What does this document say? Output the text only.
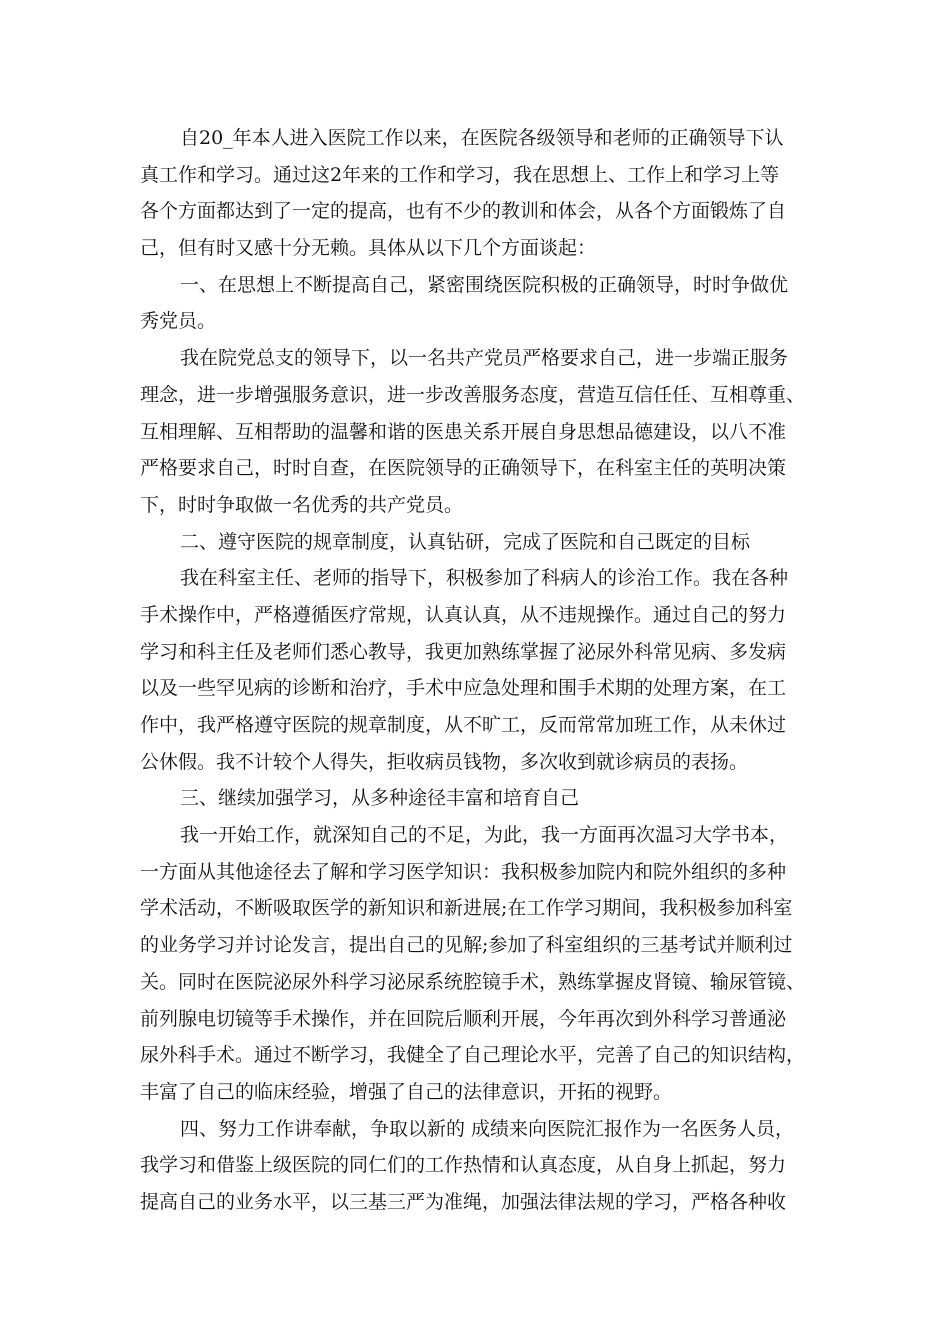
自20_年本人进入医院工作以来，在医院各级领导和老师的正确领导下认
真工作和学习。通过这2年来的工作和学习，我在思想上、工作上和学习上等
各个方面都达到了一定的提高，也有不少的教训和体会，从各个方面锻炼了自
己，但有时又感十分无赖。具体从以下几个方面谈起：
一、在思想上不断提高自己，紧密围绕医院积极的正确领导，时时争做优
秀党员。
我在院党总支的领导下，以一名共产党员严格要求自己，进一步端正服务
理念，进一步增强服务意识，进一步改善服务态度，营造互信任任、互相尊重、
互相理解、互相帮助的温馨和谐的医患关系开展自身思想品德建设，以八不准
严格要求自己，时时自查，在医院领导的正确领导下，在科室主任的英明决策
下，时时争取做一名优秀的共产党员。
二、遵守医院的规章制度，认真钻研，完成了医院和自己既定的目标
我在科室主任、老师的指导下，积极参加了科病人的诊治工作。我在各种
手术操作中，严格遵循医疗常规，认真认真，从不违规操作。通过自己的努力
学习和科主任及老师们悉心教导，我更加熟练掌握了泌尿外科常见病、多发病
以及一些罕见病的诊断和治疗，手术中应急处理和围手术期的处理方案，在工
作中，我严格遵守医院的规章制度，从不旷工，反而常常加班工作，从未休过
公休假。我不计较个人得失，拒收病员钱物，多次收到就诊病员的表扬。
三、继续加强学习，从多种途径丰富和培育自己
我一开始工作，就深知自己的不足，为此，我一方面再次温习大学书本，
一方面从其他途径去了解和学习医学知识：我积极参加院内和院外组织的多种
学术活动，不断吸取医学的新知识和新进展;在工作学习期间，我积极参加科室
的业务学习并讨论发言，提出自己的见解;参加了科室组织的三基考试并顺利过
关。同时在医院泌尿外科学习泌尿系统腔镜手术，熟练掌握皮肾镜、输尿管镜、
前列腺电切镜等手术操作，并在回院后顺利开展，今年再次到外科学习普通泌
尿外科手术。通过不断学习，我健全了自己理论水平，完善了自己的知识结构，
丰富了自己的临床经验，增强了自己的法律意识，开拓的视野。
四、努力工作讲奉献，争取以新的 成绩来向医院汇报作为一名医务人员，
我学习和借鉴上级医院的同仁们的工作热情和认真态度，从自身上抓起，努力
提高自己的业务水平，以三基三严为准绳，加强法律法规的学习，严格各种收
